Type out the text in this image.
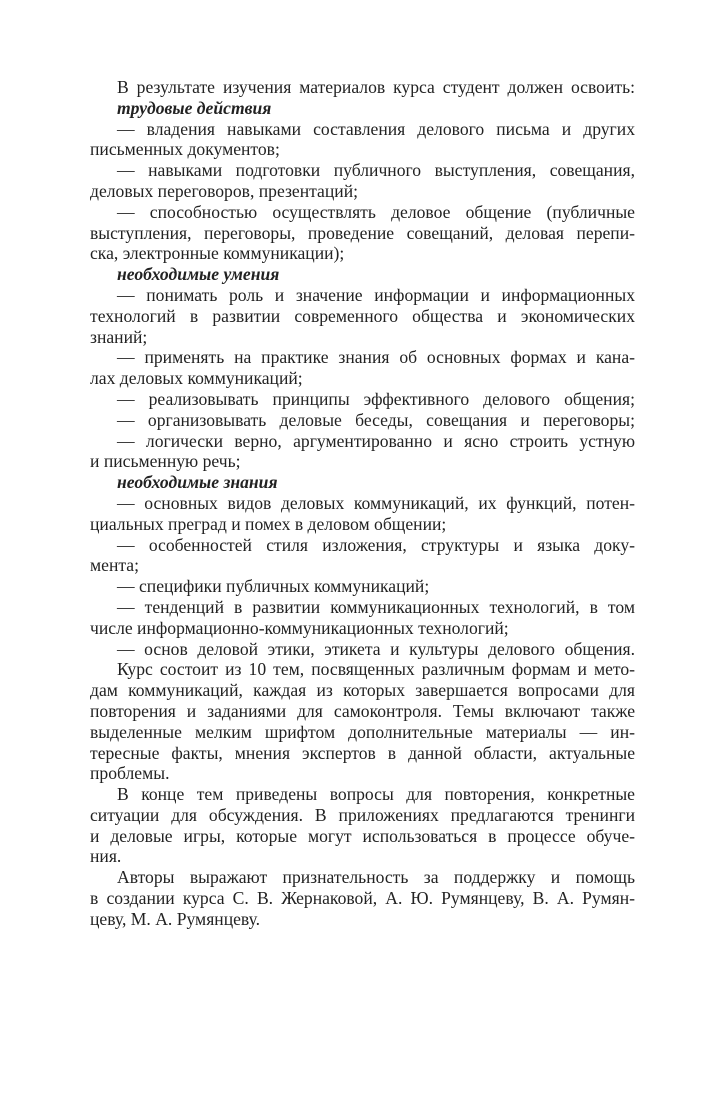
В результате изучения материалов курса студент должен освоить:
трудовые действия
— владения навыками составления делового письма и других
письменных документов;
— навыками подготовки публичного выступления, совещания,
деловых переговоров, презентаций;
— способностью осуществлять деловое общение (публичные
выступления, переговоры, проведение совещаний, деловая перепи-
ска, электронные коммуникации);
необходимые умения
— понимать роль и значение информации и информационных
технологий в развитии современного общества и экономических
знаний;
— применять на практике знания об основных формах и кана-
лах деловых коммуникаций;
— реализовывать принципы эффективного делового общения;
— организовывать деловые беседы, совещания и переговоры;
— логически верно, аргументированно и ясно строить устную
и письменную речь;
необходимые знания
— основных видов деловых коммуникаций, их функций, потен-
циальных преград и помех в деловом общении;
— особенностей стиля изложения, структуры и языка доку-
мента;
— специфики публичных коммуникаций;
— тенденций в развитии коммуникационных технологий, в том
числе информационно-коммуникационных технологий;
— основ деловой этики, этикета и культуры делового общения.
Курс состоит из 10 тем, посвященных различным формам и мето-
дам коммуникаций, каждая из которых завершается вопросами для
повторения и заданиями для самоконтроля. Темы включают также
выделенные мелким шрифтом дополнительные материалы — ин-
тересные факты, мнения экспертов в данной области, актуальные
проблемы.
В конце тем приведены вопросы для повторения, конкретные
ситуации для обсуждения. В приложениях предлагаются тренинги
и деловые игры, которые могут использоваться в процессе обуче-
ния.
Авторы выражают признательность за поддержку и помощь
в создании курса С. В. Жернаковой, А. Ю. Румянцеву, В. А. Румян-
цеву, М. А. Румянцеву.
